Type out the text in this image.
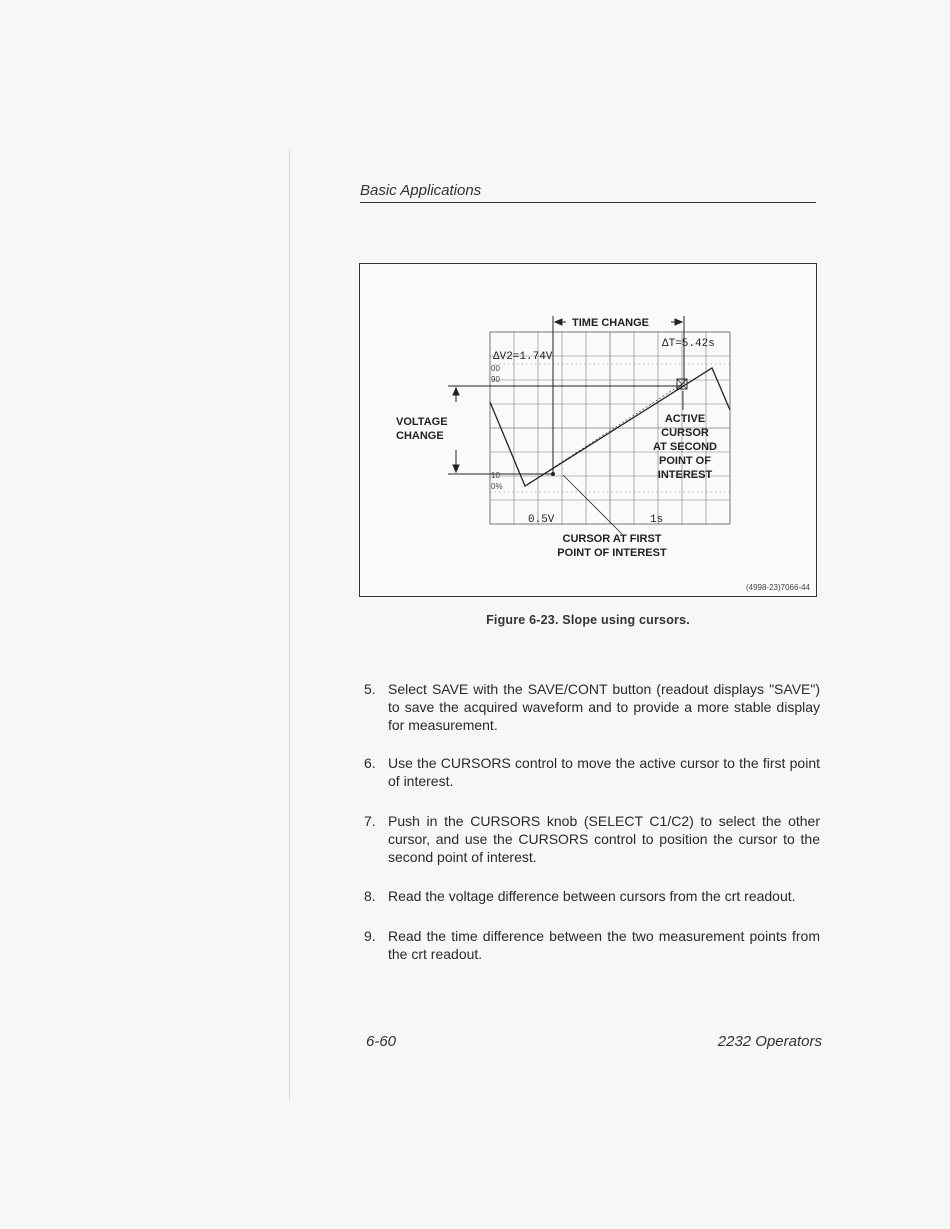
Basic Applications
TIME CHANGE
ΔV2=1.74V
ΔT=5.42s
VOLTAGE
CHANGE
ACTIVE
CURSOR
AT SECOND
POINT OF
INTEREST
0.5V	1s
CURSOR AT FIRST
POINT OF INTEREST
00
90
10
0%
(4998-23)7066-44
Figure 6-23. Slope using cursors.
5. Select SAVE with the SAVE/CONT button (readout displays "SAVE") to save the acquired waveform and to provide a more stable display for measurement.
6. Use the CURSORS control to move the active cursor to the first point of interest.
7. Push in the CURSORS knob (SELECT C1/C2) to select the other cursor, and use the CURSORS control to position the cursor to the second point of interest.
8. Read the voltage difference between cursors from the crt readout.
9. Read the time difference between the two measurement points from the crt readout.
6-60	2232 Operators
